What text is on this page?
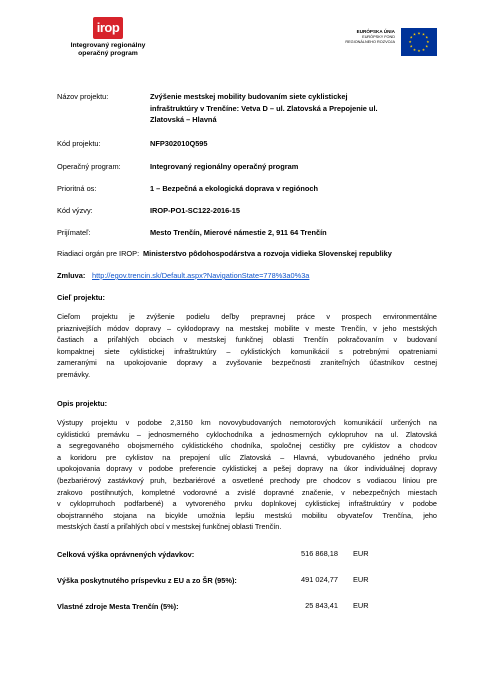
irop
Integrovaný regionálny
operačný program
EURÓPSKA ÚNIA
EURÓPSKY FOND
REGIONÁLNEHO ROZVOJA
★ ★
★
★
★
★
★
★
★
★
★
★
Názov projektu:	Zvýšenie mestskej mobility budovaním siete cyklistickej
infraštruktúry v Trenčíne: Vetva D – ul. Zlatovská a Prepojenie ul.
Zlatovská – Hlavná
Kód projektu:	NFP302010Q595
Operačný program:	Integrovaný regionálny operačný program
Prioritná os:	1 – Bezpečná a ekologická doprava v regiónoch
Kód výzvy:	IROP-PO1-SC122-2016-15
Prijímateľ:	Mesto Trenčín, Mierové námestie 2, 911 64 Trenčín
Riadiaci orgán pre IROP: Ministerstvo pôdohospodárstva a rozvoja vidieka Slovenskej republiky
Zmluva: http://egov.trencin.sk/Default.aspx?NavigationState=778%3a0%3a
Cieľ projektu:
Cieľom projektu je zvýšenie podielu deľby prepravnej práce v prospech environmentálne
priaznivejších módov dopravy – cyklodopravy na mestskej mobilite v meste Trenčín, v jeho mestských
častiach a priľahlých obciach v mestskej funkčnej oblasti Trenčín pokračovaním v budovaní
kompaktnej siete cyklistickej infraštruktúry – cyklistických komunikácií s potrebnými opatreniami
zameranými na upokojovanie dopravy a zvyšovanie bezpečnosti zraniteľných účastníkov cestnej
premávky.
Opis projektu:
Výstupy projektu v podobe 2,3150 km novovybudovaných nemotorových komunikácií určených na
cyklistickú premávku – jednosmerného cyklochodníka a jednosmerných cyklopruhov na ul. Zlatovská
a segregovaného obojsmerného cyklistického chodníka, spoločnej cestičky pre cyklistov a chodcov
a koridoru pre cyklistov na prepojení ulíc Zlatovská – Hlavná, vybudovaného jedného prvku
upokojovania dopravy v podobe preferencie cyklistickej a pešej dopravy na úkor individuálnej dopravy
(bezbariérový zastávkový pruh, bezbariérové a osvetlené prechody pre chodcov s vodiacou líniou pre
zrakovo postihnutých, kompletné vodorovné a zvislé dopravné značenie, v nebezpečných miestach
v cykloprruhoch podfarbené) a vytvoreného prvku doplnkovej cyklistickej infraštruktúry v podobe
obojstranného stojana na bicykle umožnia lepšiu mestskú mobilitu obyvateľov Trenčína, jeho
mestských častí a priľahlých obcí v mestskej funkčnej oblasti Trenčín.
Celková výška oprávnených výdavkov:	516 868,18 EUR
Výška poskytnutého príspevku z EU a zo ŠR (95%):	491 024,77 EUR
Vlastné zdroje Mesta Trenčín (5%):	25 843,41 EUR
